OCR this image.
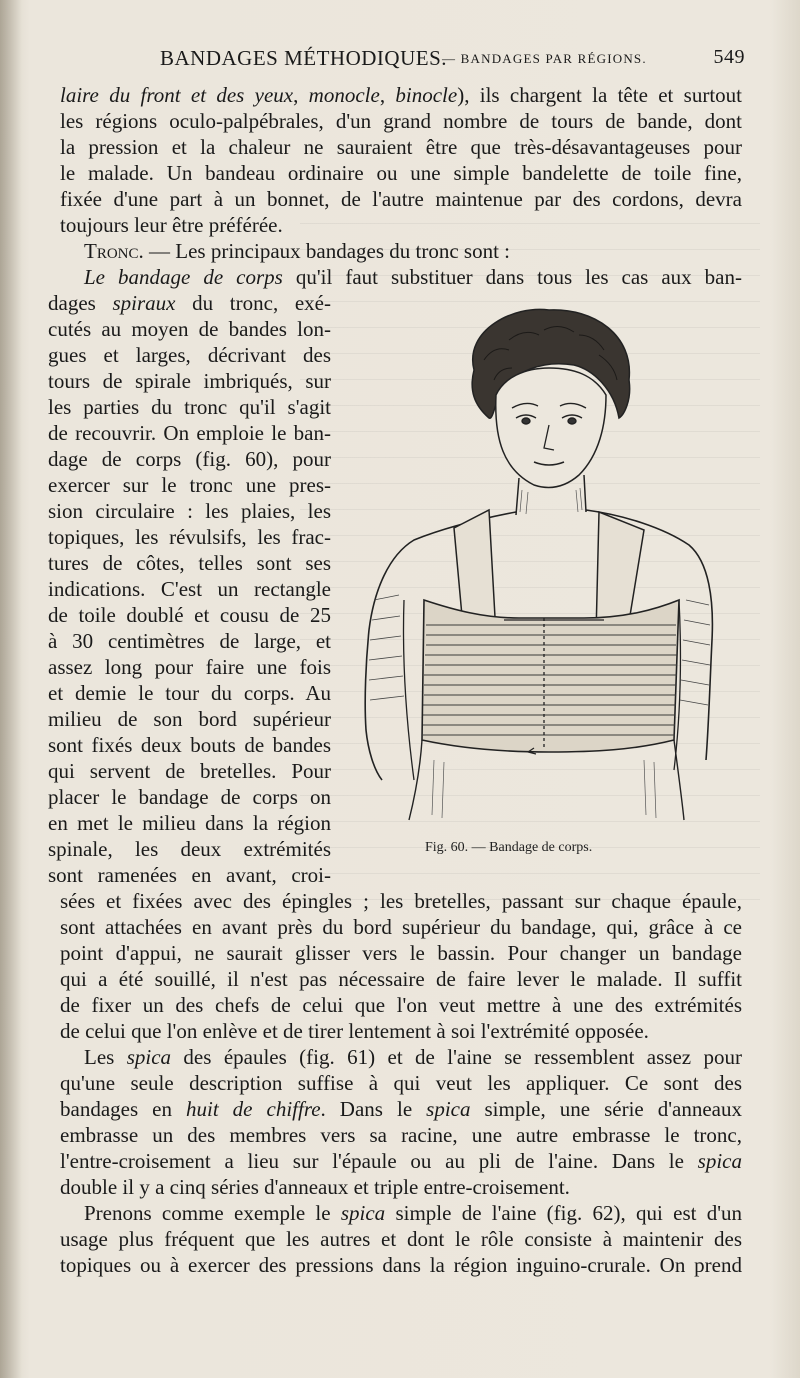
BANDAGES MÉTHODIQUES.
— BANDAGES PAR RÉGIONS.	549
laire du front et des yeux, monocle, binocle), ils chargent la tête et surtout
les régions oculo-palpébrales, d'un grand nombre de tours de bande, dont
la pression et la chaleur ne sauraient être que très-désavantageuses pour
le malade. Un bandeau ordinaire ou une simple bandelette de toile fine,
fixée d'une part à un bonnet, de l'autre maintenue par des cordons, devra
toujours leur être préférée.
Tronc. — Les principaux bandages du tronc sont :
Le bandage de corps qu'il faut substituer dans tous les cas aux ban-
dages spiraux du tronc, exé-
cutés au moyen de bandes lon-
gues et larges, décrivant des
tours de spirale imbriqués, sur
les parties du tronc qu'il s'agit
de recouvrir. On emploie le ban-
dage de corps (fig. 60), pour
exercer sur le tronc une pres-
sion circulaire : les plaies, les
topiques, les révulsifs, les frac-
tures de côtes, telles sont ses
indications. C'est un rectangle
de toile doublé et cousu de 25
à 30 centimètres de large, et
assez long pour faire une fois
et demie le tour du corps. Au
milieu de son bord supérieur
sont fixés deux bouts de bandes
qui servent de bretelles. Pour
placer le bandage de corps on
en met le milieu dans la région
spinale, les deux extrémités
sont ramenées en avant, croi-
Fig. 60. — Bandage de corps.
sées et fixées avec des épingles ; les bretelles, passant sur chaque épaule,
sont attachées en avant près du bord supérieur du bandage, qui, grâce à ce
point d'appui, ne saurait glisser vers le bassin. Pour changer un bandage
qui a été souillé, il n'est pas nécessaire de faire lever le malade. Il suffit
de fixer un des chefs de celui que l'on veut mettre à une des extrémités
de celui que l'on enlève et de tirer lentement à soi l'extrémité opposée.
Les spica des épaules (fig. 61) et de l'aine se ressemblent assez pour
qu'une seule description suffise à qui veut les appliquer. Ce sont des
bandages en huit de chiffre. Dans le spica simple, une série d'anneaux
embrasse un des membres vers sa racine, une autre embrasse le tronc,
l'entre-croisement a lieu sur l'épaule ou au pli de l'aine. Dans le spica
double il y a cinq séries d'anneaux et triple entre-croisement.
Prenons comme exemple le spica simple de l'aine (fig. 62), qui est d'un
usage plus fréquent que les autres et dont le rôle consiste à maintenir des
topiques ou à exercer des pressions dans la région inguino-crurale. On prend
